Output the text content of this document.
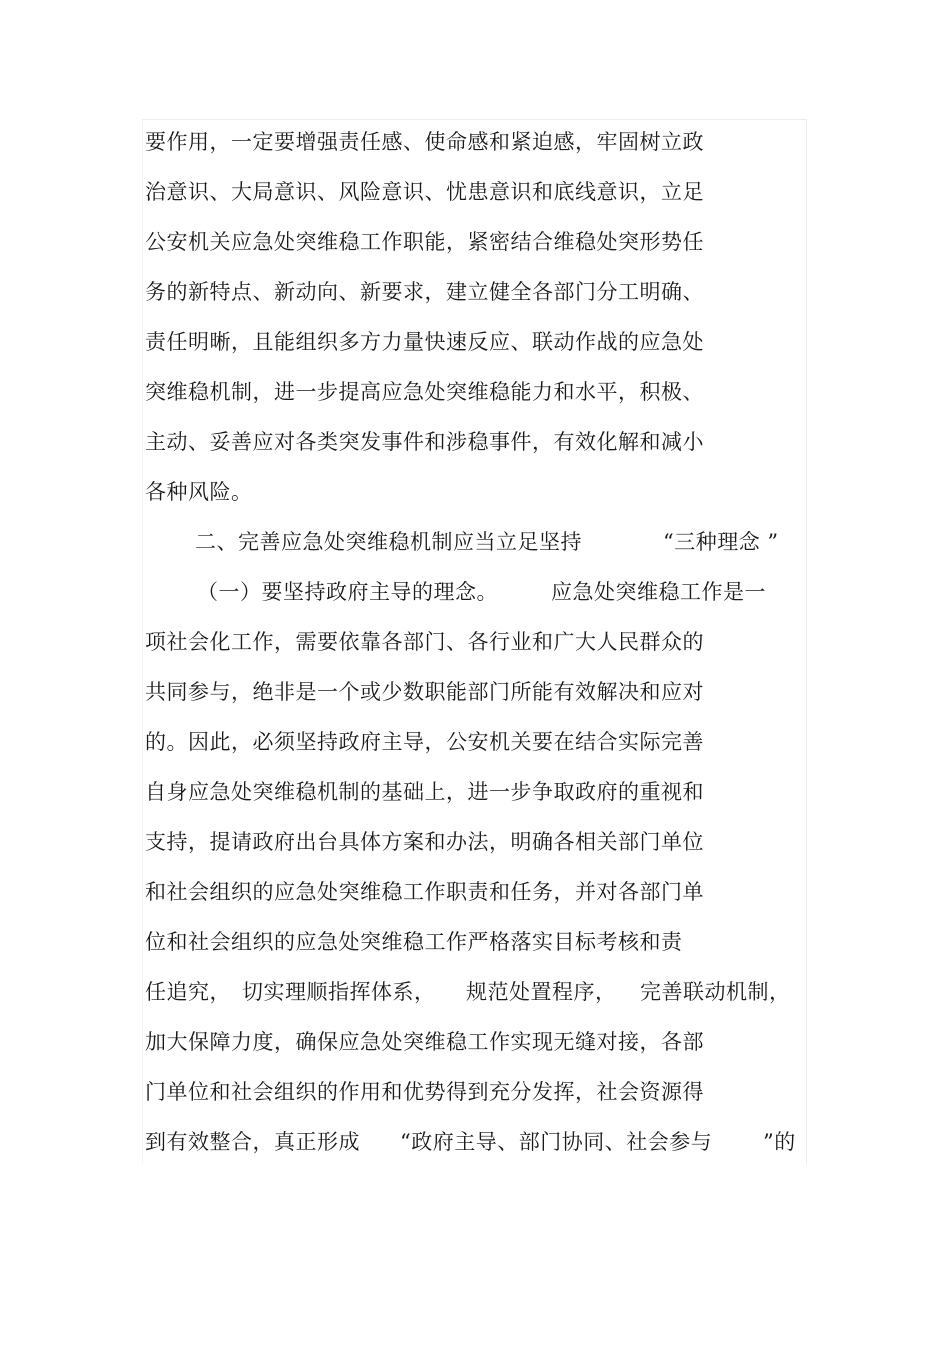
要作用，一定要增强责任感、使命感和紧迫感，牢固树立政
治意识、大局意识、风险意识、忧患意识和底线意识，立足
公安机关应急处突维稳工作职能，紧密结合维稳处突形势任
务的新特点、新动向、新要求，建立健全各部门分工明确、
责任明晰，且能组织多方力量快速反应、联动作战的应急处
突维稳机制，进一步提高应急处突维稳能力和水平，积极、
主动、妥善应对各类突发事件和涉稳事件，有效化解和减小
各种风险。
二、完善应急处突维稳机制应当立足坚持	“三种理念 ”
（一）要坚持政府主导的理念。	应急处突维稳工作是一
项社会化工作，需要依靠各部门、各行业和广大人民群众的
共同参与，绝非是一个或少数职能部门所能有效解决和应对
的。因此，必须坚持政府主导，公安机关要在结合实际完善
自身应急处突维稳机制的基础上，进一步争取政府的重视和
支持，提请政府出台具体方案和办法，明确各相关部门单位
和社会组织的应急处突维稳工作职责和任务，并对各部门单
位和社会组织的应急处突维稳工作严格落实目标考核和责
任追究， 切实理顺指挥体系， 规范处置程序， 完善联动机制，
加大保障力度，确保应急处突维稳工作实现无缝对接，各部
门单位和社会组织的作用和优势得到充分发挥，社会资源得
到有效整合，真正形成 “政府主导、部门协同、社会参与 ”的
